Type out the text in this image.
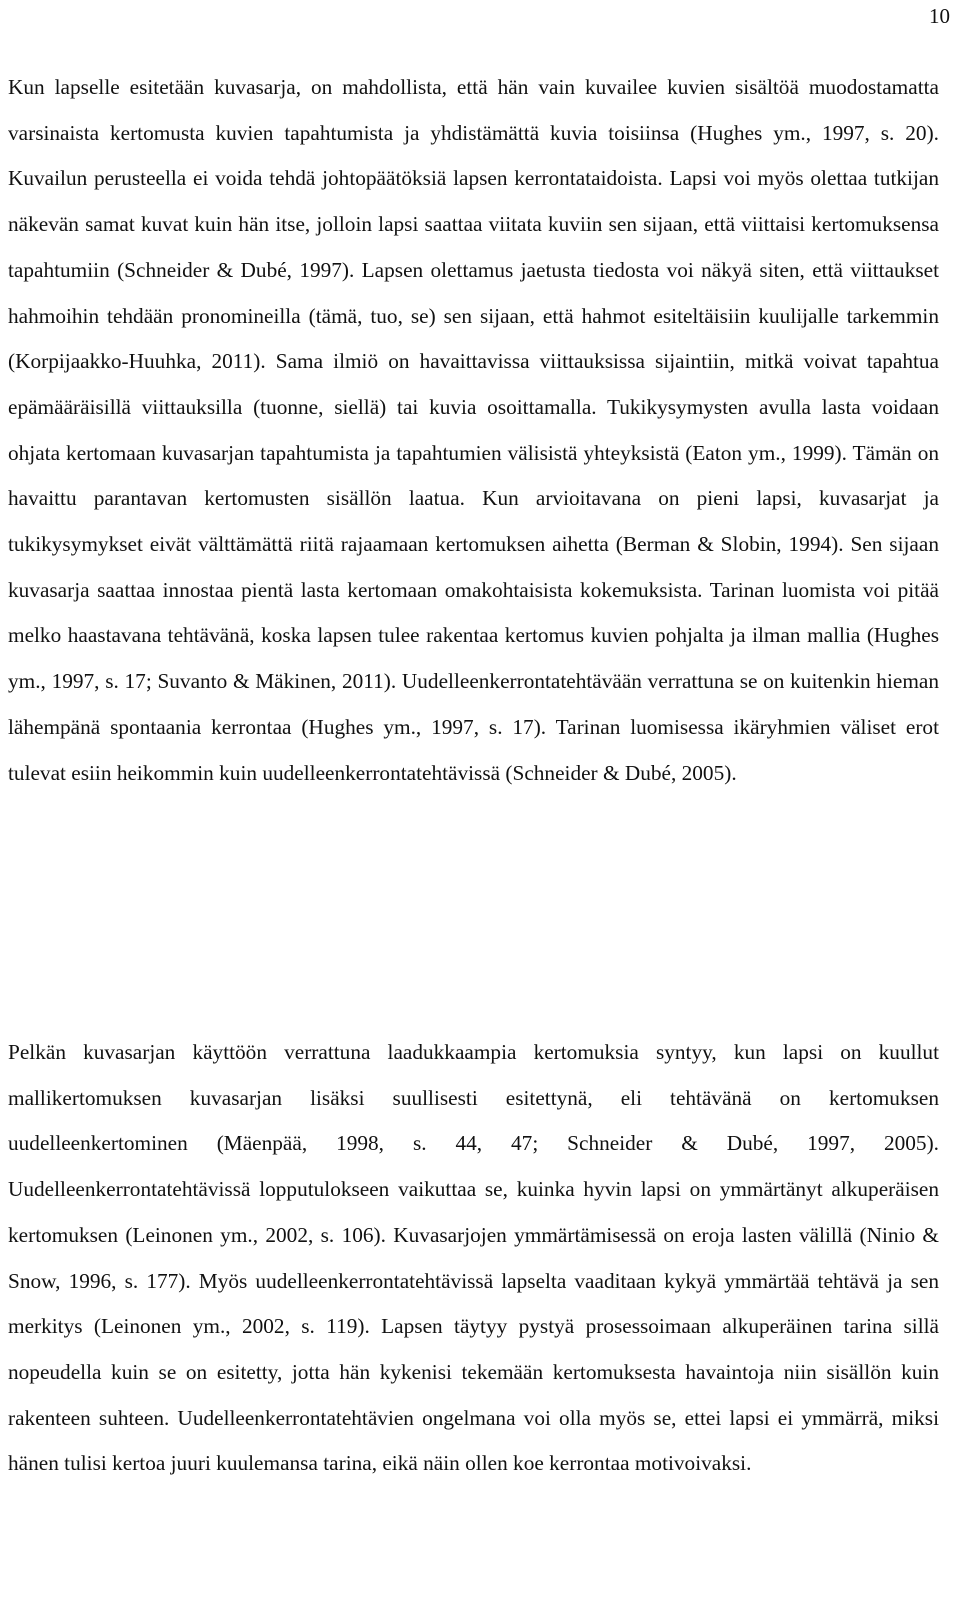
10

Kun lapselle esitetään kuvasarja, on mahdollista, että hän vain kuvailee kuvien sisältöä muodostamatta varsinaista kertomusta kuvien tapahtumista ja yhdistämättä kuvia toisiinsa (Hughes ym., 1997, s. 20). Kuvailun perusteella ei voida tehdä johtopäätöksiä lapsen kerrontataidoista. Lapsi voi myös olettaa tutkijan näkevän samat kuvat kuin hän itse, jolloin lapsi saattaa viitata kuviin sen sijaan, että viittaisi kertomuksensa tapahtumiin (Schneider & Dubé, 1997). Lapsen olettamus jaetusta tiedosta voi näkyä siten, että viittaukset hahmoihin tehdään pronomineilla (tämä, tuo, se) sen sijaan, että hahmot esiteltäisiin kuulijalle tarkemmin (Korpijaakko-Huuhka, 2011). Sama ilmiö on havaittavissa viittauksissa sijaintiin, mitkä voivat tapahtua epämääräisillä viittauksilla (tuonne, siellä) tai kuvia osoittamalla. Tukikysymysten avulla lasta voidaan ohjata kertomaan kuvasarjan tapahtumista ja tapahtumien välisistä yhteyksistä (Eaton ym., 1999). Tämän on havaittu parantavan kertomusten sisällön laatua. Kun arvioitavana on pieni lapsi, kuvasarjat ja tukikysymykset eivät välttämättä riitä rajaamaan kertomuksen aihetta (Berman & Slobin, 1994). Sen sijaan kuvasarja saattaa innostaa pientä lasta kertomaan omakohtaisista kokemuksista. Tarinan luomista voi pitää melko haastavana tehtävänä, koska lapsen tulee rakentaa kertomus kuvien pohjalta ja ilman mallia (Hughes ym., 1997, s. 17; Suvanto & Mäkinen, 2011). Uudelleenkerrontatehtävään verrattuna se on kuitenkin hieman lähempänä spontaania kerrontaa (Hughes ym., 1997, s. 17). Tarinan luomisessa ikäryhmien väliset erot tulevat esiin heikommin kuin uudelleenkerrontatehtävissä (Schneider & Dubé, 2005).

Pelkän kuvasarjan käyttöön verrattuna laadukkaampia kertomuksia syntyy, kun lapsi on kuullut mallikertomuksen kuvasarjan lisäksi suullisesti esitettynä, eli tehtävänä on kertomuksen uudelleenkertominen (Mäenpää, 1998, s. 44, 47; Schneider & Dubé, 1997, 2005). Uudelleenkerrontatehtävissä lopputulokseen vaikuttaa se, kuinka hyvin lapsi on ymmärtänyt alkuperäisen kertomuksen (Leinonen ym., 2002, s. 106). Kuvasarjojen ymmärtämisessä on eroja lasten välillä (Ninio & Snow, 1996, s. 177). Myös uudelleenkerrontatehtävissä lapselta vaaditaan kykyä ymmärtää tehtävä ja sen merkitys (Leinonen ym., 2002, s. 119). Lapsen täytyy pystyä prosessoimaan alkuperäinen tarina sillä nopeudella kuin se on esitetty, jotta hän kykenisi tekemään kertomuksesta havaintoja niin sisällön kuin rakenteen suhteen. Uudelleenkerrontatehtävien ongelmana voi olla myös se, ettei lapsi ei ymmärrä, miksi hänen tulisi kertoa juuri kuulemansa tarina, eikä näin ollen koe kerrontaa motivoivaksi.
